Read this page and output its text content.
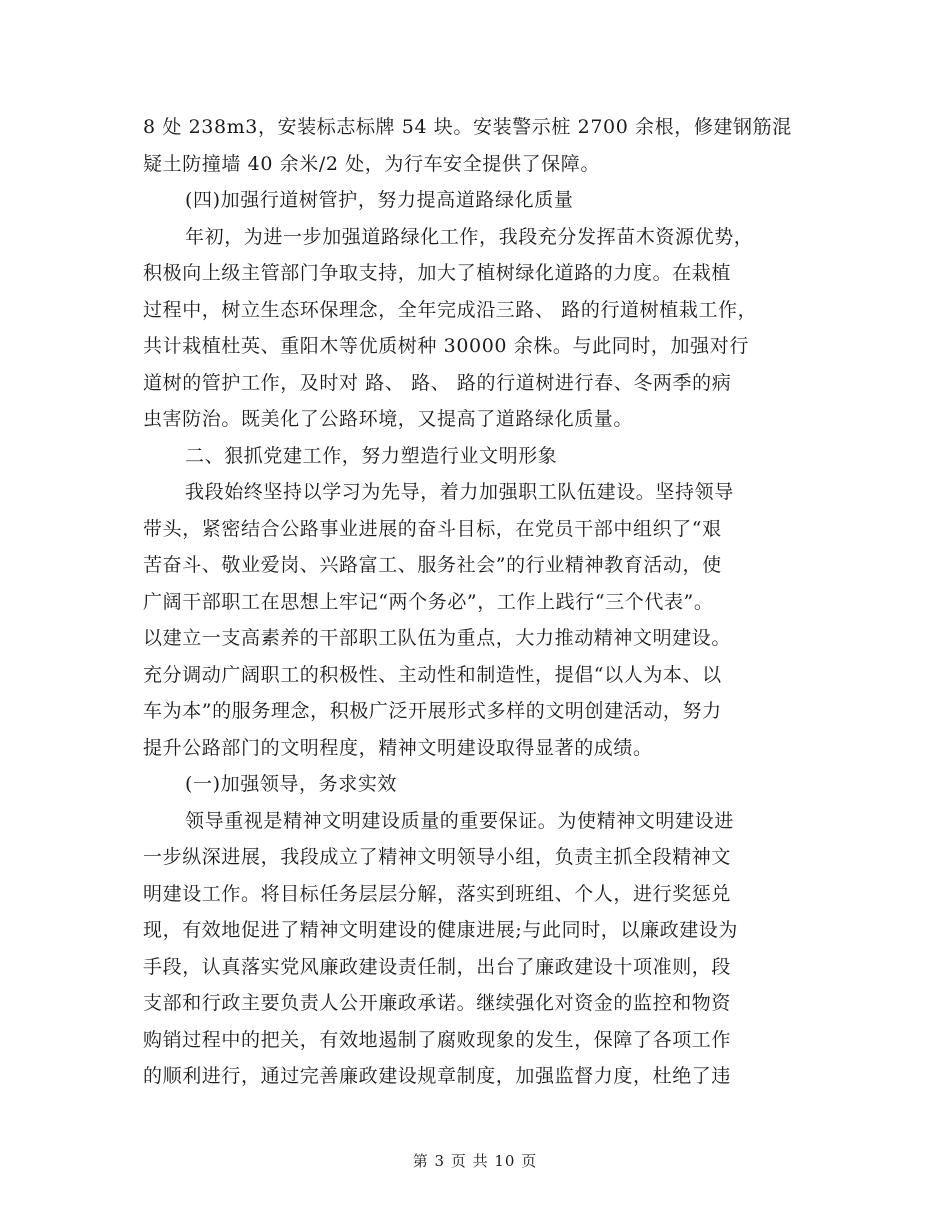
8 处 238m3，安装标志标牌 54 块。安装警示桩 2700 余根，修建钢筋混
疑土防撞墙 40 余米/2 处，为行车安全提供了保障。
(四)加强行道树管护，努力提高道路绿化质量
年初，为进一步加强道路绿化工作，我段充分发挥苗木资源优势，
积极向上级主管部门争取支持，加大了植树绿化道路的力度。在栽植
过程中，树立生态环保理念，全年完成沿三路、 路的行道树植栽工作，
共计栽植杜英、重阳木等优质树种 30000 余株。与此同时，加强对行
道树的管护工作，及时对 路、 路、 路的行道树进行春、冬两季的病
虫害防治。既美化了公路环境，又提高了道路绿化质量。
二、狠抓党建工作，努力塑造行业文明形象
我段始终坚持以学习为先导，着力加强职工队伍建设。坚持领导
带头，紧密结合公路事业进展的奋斗目标，在党员干部中组织了“艰
苦奋斗、敬业爱岗、兴路富工、服务社会”的行业精神教育活动，使
广阔干部职工在思想上牢记“两个务必”，工作上践行“三个代表”。
以建立一支高素养的干部职工队伍为重点，大力推动精神文明建设。
充分调动广阔职工的积极性、主动性和制造性，提倡“以人为本、以
车为本”的服务理念，积极广泛开展形式多样的文明创建活动，努力
提升公路部门的文明程度，精神文明建设取得显著的成绩。
(一)加强领导，务求实效
领导重视是精神文明建设质量的重要保证。为使精神文明建设进
一步纵深进展，我段成立了精神文明领导小组，负责主抓全段精神文
明建设工作。将目标任务层层分解，落实到班组、个人，进行奖惩兑
现，有效地促进了精神文明建设的健康进展;与此同时，以廉政建设为
手段，认真落实党风廉政建设责任制，出台了廉政建设十项准则，段
支部和行政主要负责人公开廉政承诺。继续强化对资金的监控和物资
购销过程中的把关，有效地遏制了腐败现象的发生，保障了各项工作
的顺利进行，通过完善廉政建设规章制度，加强监督力度，杜绝了违
第 3 页 共 10 页
